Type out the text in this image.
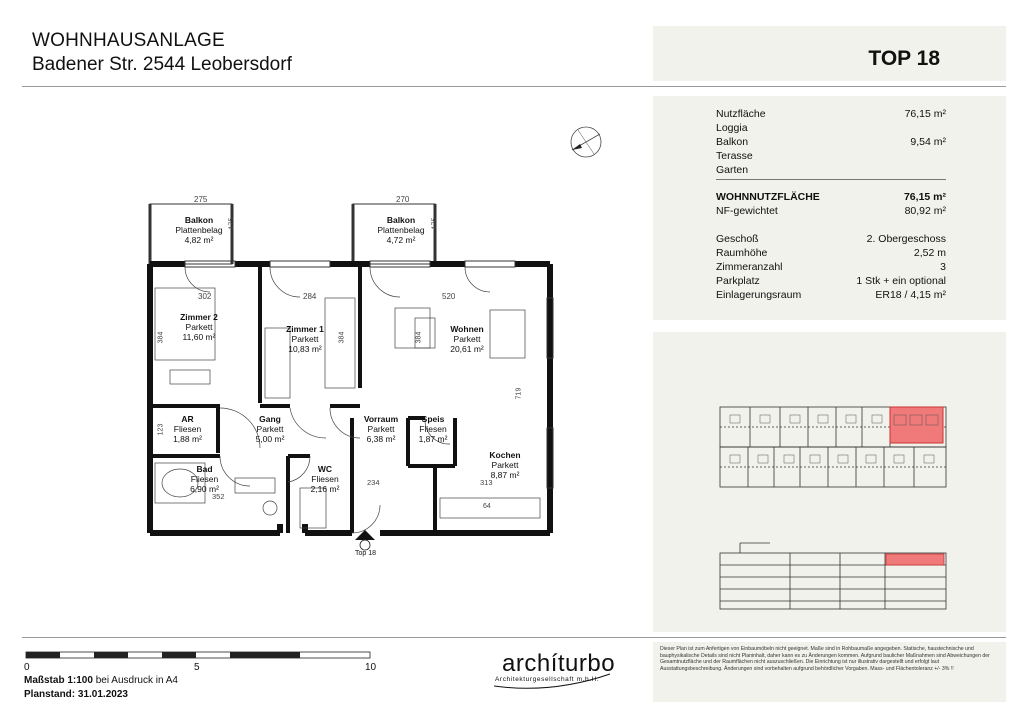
WOHNHAUSANLAGE
Badener Str. 2544 Leobersdorf	TOP 18
Nutzfläche	76,15 m²
Loggia
Balkon	9,54 m²
Terasse
Garten
WOHNNUTZFLÄCHE	76,15 m²
NF-gewichtet	80,92 m²
Geschoß	2. Obergeschoss
Raumhöhe	2,52 m
Zimmeranzahl	3
Parkplatz	1 Stk + ein optional
Einlagerungsraum	ER18 / 4,15 m²
Balkon
Plattenbelag
4,82 m²
Balkon
Plattenbelag
4,72 m²
Zimmer 2
Parkett
11,60 m²
Zimmer 1
Parkett
10,83 m²
Wohnen
Parkett
20,61 m²
AR
Fliesen
1,88 m²
Gang
Parkett
5,00 m²
Vorraum
Parkett
6,38 m²
Speis
Fliesen
1,87 m²
Kochen
Parkett
8,87 m²
Bad
Fliesen
6,90 m²
WC
Fliesen
2,16 m²
275	270
175	175
302	284	520
384	384	384
719
123
234	313
352
64
Top 18
0	5	10
Maßstab 1:100 bei Ausdruck in A4
Planstand: 31.01.2023
archíturbo
Architekturgesellschaft m.b.H.
Dieser Plan ist zum Anfertigen von Einbaumöbeln nicht geeignet. Maße sind in Rohbaumaße angegeben. Statische, haustechnische und bauphysikalische Details sind nicht Planinhalt, daher kann es zu Änderungen kommen. Aufgrund baulicher Maßnahmen sind Abweichungen der Gesamtnutzfläche und der Raumflächen nicht auszuschließen. Die Einrichtung ist nur illustrativ dargestellt und erfolgt laut Ausstattungsbeschreibung. Änderungen sind vorbehalten aufgrund behördlicher Vorgaben. Mass- und Flächentoleranz +/- 3% !!
